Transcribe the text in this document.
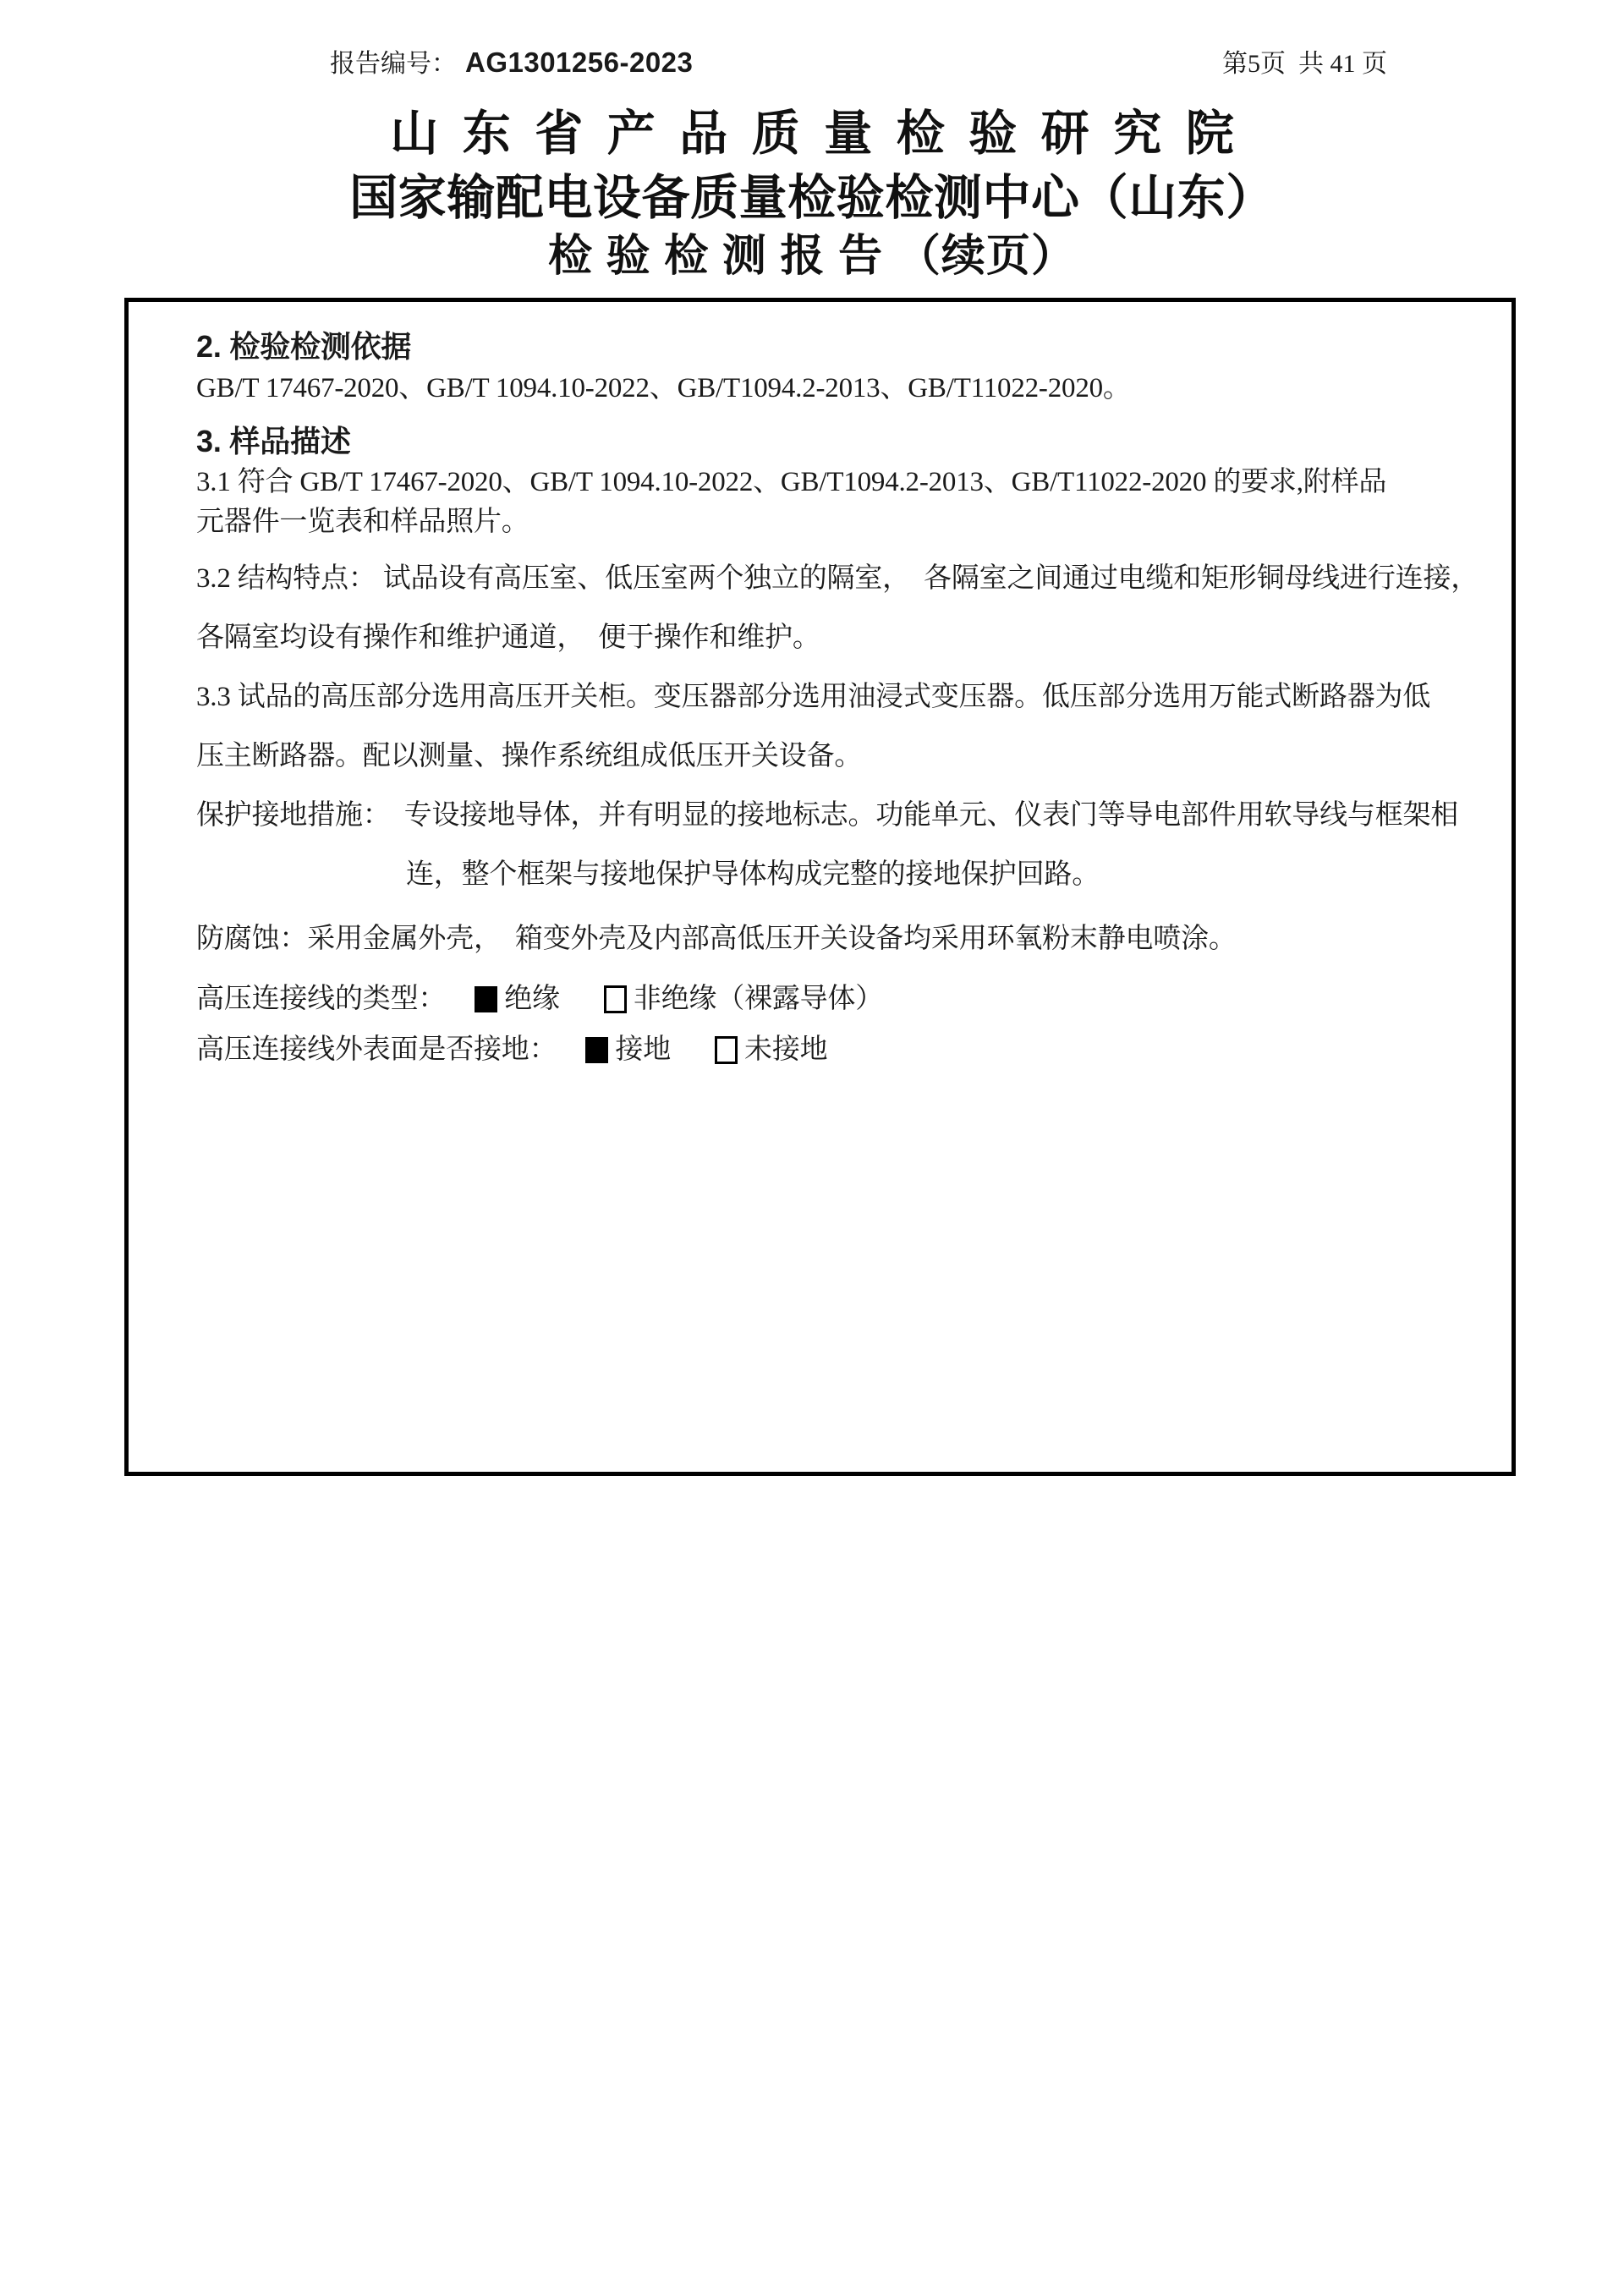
报告编号： AG1301256-2023	第5页  共 41 页
山东省产品质量检验研究院
国家输配电设备质量检验检测中心（山东）
检验检测报告（续页）
2. 检验检测依据
GB/T 17467-2020、GB/T 1094.10-2022、GB/T1094.2-2013、GB/T11022-2020。
3. 样品描述
3.1 符合 GB/T 17467-2020、GB/T 1094.10-2022、GB/T1094.2-2013、GB/T11022-2020 的要求,附样品
元器件一览表和样品照片。
3.2 结构特点： 试品设有高压室、低压室两个独立的隔室，  各隔室之间通过电缆和矩形铜母线进行连接，
各隔室均设有操作和维护通道，  便于操作和维护。
3.3 试品的高压部分选用高压开关柜。变压器部分选用油浸式变压器。低压部分选用万能式断路器为低
压主断路器。配以测量、操作系统组成低压开关设备。
保护接地措施：  专设接地导体，并有明显的接地标志。功能单元、仪表门等导电部件用软导线与框架相
连，整个框架与接地保护导体构成完整的接地保护回路。
防腐蚀：采用金属外壳，  箱变外壳及内部高低压开关设备均采用环氧粉末静电喷涂。
高压连接线的类型： 绝缘	非绝缘（裸露导体）
高压连接线外表面是否接地： 接地	未接地
